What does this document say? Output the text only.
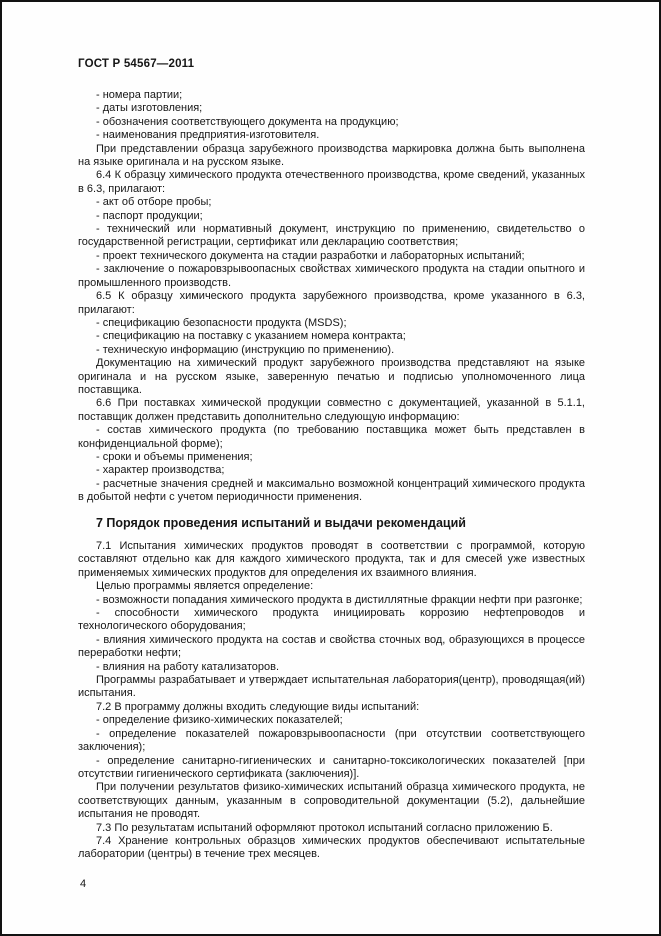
ГОСТ Р 54567—2011
- номера партии;
- даты изготовления;
- обозначения соответствующего документа на продукцию;
- наименования предприятия-изготовителя.
При представлении образца зарубежного производства маркировка должна быть выполнена на языке оригинала и на русском языке.
6.4 К образцу химического продукта отечественного производства, кроме сведений, указанных в 6.3, прилагают:
- акт об отборе пробы;
- паспорт продукции;
- технический или нормативный документ, инструкцию по применению, свидетельство о государственной регистрации, сертификат или декларацию соответствия;
- проект технического документа на стадии разработки и лабораторных испытаний;
- заключение о пожаровзрывоопасных свойствах химического продукта на стадии опытного и промышленного производств.
6.5 К образцу химического продукта зарубежного производства, кроме указанного в 6.3, прилагают:
- спецификацию безопасности продукта (MSDS);
- спецификацию на поставку с указанием номера контракта;
- техническую информацию (инструкцию по применению).
Документацию на химический продукт зарубежного производства представляют на языке оригинала и на русском языке, заверенную печатью и подписью уполномоченного лица поставщика.
6.6 При поставках химической продукции совместно с документацией, указанной в 5.1.1, поставщик должен представить дополнительно следующую информацию:
- состав химического продукта (по требованию поставщика может быть представлен в конфиденциальной форме);
- сроки и объемы применения;
- характер производства;
- расчетные значения средней и максимально возможной концентраций химического продукта в добытой нефти с учетом периодичности применения.
7 Порядок проведения испытаний и выдачи рекомендаций
7.1 Испытания химических продуктов проводят в соответствии с программой, которую составляют отдельно как для каждого химического продукта, так и для смесей уже известных применяемых химических продуктов для определения их взаимного влияния.
Целью программы является определение:
- возможности попадания химического продукта в дистиллятные фракции нефти при разгонке;
- способности химического продукта инициировать коррозию нефтепроводов и технологического оборудования;
- влияния химического продукта на состав и свойства сточных вод, образующихся в процессе переработки нефти;
- влияния на работу катализаторов.
Программы разрабатывает и утверждает испытательная лаборатория(центр), проводящая(ий) испытания.
7.2 В программу должны входить следующие виды испытаний:
- определение физико-химических показателей;
- определение показателей пожаровзрывоопасности (при отсутствии соответствующего заключения);
- определение санитарно-гигиенических и санитарно-токсикологических показателей [при отсутствии гигиенического сертификата (заключения)].
При получении результатов физико-химических испытаний образца химического продукта, не соответствующих данным, указанным в сопроводительной документации (5.2), дальнейшие испытания не проводят.
7.3 По результатам испытаний оформляют протокол испытаний согласно приложению Б.
7.4 Хранение контрольных образцов химических продуктов обеспечивают испытательные лаборатории (центры) в течение трех месяцев.
4
